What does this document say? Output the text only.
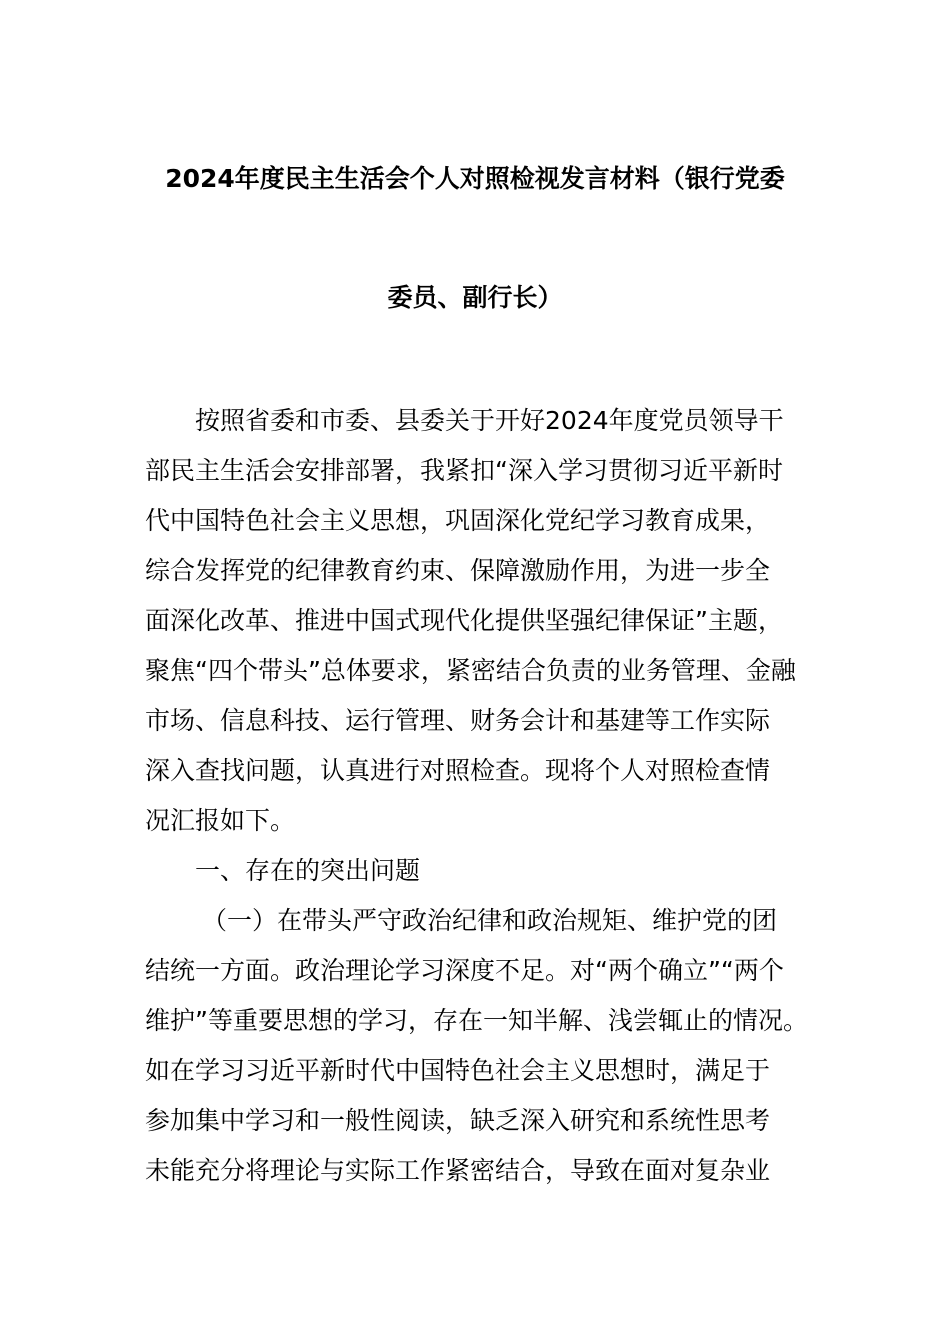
2024年度民主生活会个人对照检视发言材料（银行党委
委员、副行长）
按照省委和市委、县委关于开好2024年度党员领导干
部民主生活会安排部署，我紧扣“深入学习贯彻习近平新时
代中国特色社会主义思想，巩固深化党纪学习教育成果，
综合发挥党的纪律教育约束、保障激励作用，为进一步全
面深化改革、推进中国式现代化提供坚强纪律保证”主题，
聚焦“四个带头”总体要求，紧密结合负责的业务管理、金融
市场、信息科技、运行管理、财务会计和基建等工作实际
深入查找问题，认真进行对照检查。现将个人对照检查情
况汇报如下。
一、存在的突出问题
（一）在带头严守政治纪律和政治规矩、维护党的团
结统一方面。政治理论学习深度不足。对“两个确立”“两个
维护”等重要思想的学习，存在一知半解、浅尝辄止的情况。
如在学习习近平新时代中国特色社会主义思想时，满足于
参加集中学习和一般性阅读，缺乏深入研究和系统性思考
未能充分将理论与实际工作紧密结合，导致在面对复杂业
